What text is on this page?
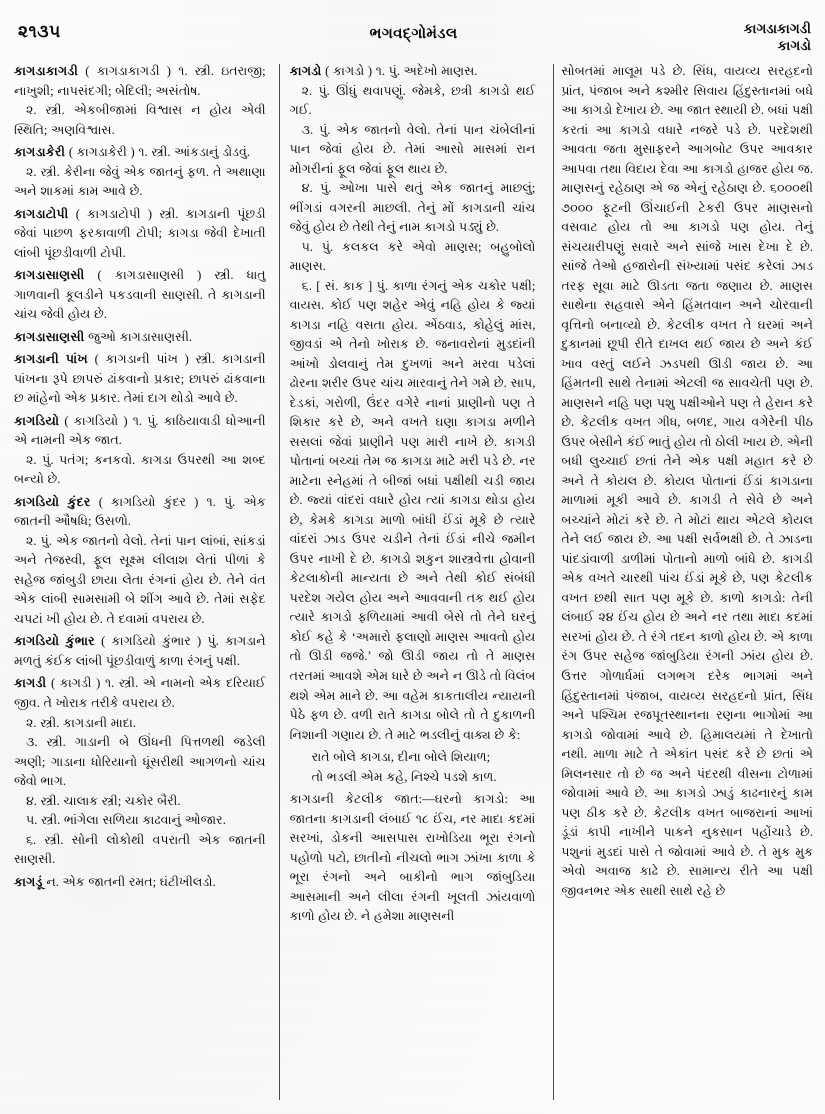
૨૧૩૫	ભગવદ્ગોમંડલ	કાગડાકાગડી
કાગડો

કાગડાકાગડી ( કાગડાકાગડી ) ૧. સ્ત્રી. ઇતરાજી; નાખુશી; નાપસંદગી; બેદિલી; અસંતોષ.

૨. સ્ત્રી. એકબીજામાં વિશ્વાસ ન હોય એવી સ્થિતિ; અણવિશ્વાસ.

કાગડાકેરી ( કાગડાકેરી ) ૧. સ્ત્રી. આંકડાનું ડોડવું.

૨. સ્ત્રી. કેરીના જેવું એક જાતનું ફળ. તે અથાણા અને શાકમાં કામ આવે છે.

કાગડાટોપી ( કાગડાટોપી ) સ્ત્રી. કાગડાની પૂંછડી જેવાં પાછળ ફરકાવાળી ટોપી; કાગડા જેવી દેખાતી લાંબી પૂંછડીવાળી ટોપી.

કાગડાસાણસી ( કાગડાસાણસી ) સ્ત્રી. ધાતુ ગાળવાની કૂલડીને પકડવાની સાણસી. તે કાગડાની ચાંચ જેવી હોય છે.

કાગડાસાણસી જુઓ કાગડાસાણસી.

કાગડાની પાંખ ( કાગડાની પાંખ ) સ્ત્રી. કાગડાની પાંખના રૂપે છાપરું ઢાંકવાનો પ્રકાર; છાપરું ઢાંકવાના છ માંહેનો એક પ્રકાર. તેમાં દાગ થોડો આવે છે.

કાગડિયો ( કાગડિયો ) ૧. પું. કાઠિયાવાડી ધોઆની એ નામની એક જાત.

૨. પું. પતંગ; કનકવો. કાગડા ઉપરથી આ શબ્દ બન્યો છે.

કાગડિયો કુંદર ( કાગડિયો કુંદર ) ૧. પું. એક જાતની ઔષધિ; ઉસળો.

૨. પું. એક જાતનો વેલો. તેનાં પાન લાંબાં, સાંકડાં અને તેજસ્વી, ફૂલ સૂક્ષ્મ લીલાશ લેતાં પીળાં કે સહેજ જાંબુડી છાયા લેતા રંગનાં હોય છે. તેને વંત એક લાંબી સામસામી બે શીંગ આવે છે. તેમાં સફેદ ચપટાં ખી હોય છે. તે દવામાં વપરાય છે.

કાગડિયો કુંભાર ( કાગડિયો કુંભાર ) પું. કાગડાને મળતું કંઈક લાંબી પૂંછડીવાળું કાળા રંગનું પક્ષી.

કાગડી ( કાગડી ) ૧. સ્ત્રી. એ નામનો એક દરિયાઈ જીવ. તે ખોરાક તરીકે વપરાય છે.

૨. સ્ત્રી. કાગડાની માદા.

૩. સ્ત્રી. ગાડાની બે ઊંધની પિત્તળથી જડેલી અણી; ગાડાના ધોરિયાનો ધૂંસરીથી આગળનો ચાંચ જેવો ભાગ.

૪. સ્ત્રી. ચાલાક સ્ત્રી; ચકોર બૈરી.

૫. સ્ત્રી. ભાંગેલા સળિયા કાઢવાનું ઓજાર.

૬. સ્ત્રી. સોની લોકોથી વપરાતી એક જાતની સાણસી.

કાગડૂં ન. એક જાતની રમત; ઘંટીખીલડો.

કાગડો ( કાગડો ) ૧. પું. અદેખો માણસ.

૨. પું. ઊંધું થવાપણું. જેમકે, છત્રી કાગડો થઈ ગઈ.

૩. પું. એક જાતનો વેલો. તેનાં પાન ચંબેલીનાં પાન જેવાં હોય છે. તેમાં આસો માસમાં રાન મોગરીનાં ફૂલ જેવાં ફૂલ થાય છે.

૪. પું. ઓખા પાસે થતું એક જાતનું માછલું; ભીંગડાં વગરની માછલી. તેનું મોં કાગડાની ચાંચ જેવું હોય છે તેથી તેનું નામ કાગડો પડ્યું છે.

૫. પું. કલકલ કરે એવો માણસ; બહુબોલો માણસ.

૬. [ સં. કાક ] પું. કાળા રંગનું એક ચકોર પક્ષી; વાયસ. કોઈ પણ શહેર એવું નહિ હોય કે જ્યાં કાગડા નહિ વસતા હોય. એંઠવાડ, કોહેલું માંસ, જીવડાં એ તેનો ખોરાક છે. જનાવરોનાં મુડદાંની આંખો ડોલવાનું તેમ દુખળાં અને મરવા પડેલાં ઢોરના શરીર ઉપર ચાંચ મારવાનું તેને ગમે છે. સાપ, દેડકાં, ગરોળી, ઉંદર વગેરે નાનાં પ્રાણીનો પણ તે શિકાર કરે છે, અને વખતે ઘણા કાગડા મળીને સસલાં જેવાં પ્રાણીને પણ મારી નાખે છે. કાગડી પોતાનાં બચ્ચાં તેમ જ કાગડા માટે મરી પડે છે. નર માટેના સ્નેહમાં તે બીજાં બધાં પક્ષીથી ચડી જાય છે. જ્યાં વાંદરાં વધારે હોય ત્યાં કાગડા થોડા હોય છે, કેમકે કાગડા માળો બાંધી ઈંડાં મૂકે છે ત્યારે વાંદરાં ઝાડ ઉપર ચડીને તેનાં ઈંડાં નીચે જમીન ઉપર નાખી દે છે. કાગડો શકુન શાસ્ત્રવેત્તા હોવાની કેટલાકોની માન્યતા છે અને તેથી કોઈ સંબંધી પરદેશ ગયેલ હોય અને આવવાની તક થઈ હોય ત્યારે કાગડો ફળિયામાં આવી બેસે તો તેને ઘરનું કોઈ કહે કે ‘અમારો ફલાણો માણસ આવતો હોય તો ઊડી જજે.’ જો ઊડી જાય તો તે માણસ તરતમાં આવશે એમ ધારે છે અને ન ઊડે તો વિલંબ થશે એમ માને છે. આ વહેમ કાકતાલીય ન્યાયની પેઠે ફળ છે. વળી રાતે કાગડા બોલે તો તે દુકાળની નિશાની ગણાય છે. તે માટે ભડલીનું વાક્ય છે કે:

રાતે બોલે કાગડા, દીના બોલે શિયાળ;
તો ભડલી એમ કહે, નિશ્ચે પડશે કાળ.

કાગડાની કેટલીક જાત:—ઘરનો કાગડો: આ જાતના કાગડાની લંબાઈ ૧૮ ઈંચ, નર માદા કદમાં સરખાં, ડોકની આસપાસ રાખોડિયા ભૂરા રંગનો પહોળો પટો, છાતીનો નીચલો ભાગ ઝાંખા કાળા કે ભૂરા રંગનો અને બાકીનો ભાગ જાંબુડિયા આસમાની અને લીલા રંગની ખૂલતી ઝાંયવાળો કાળો હોય છે. ને હમેશા માણસની

સોબતમાં માલૂમ પડે છે. સિંધ, વાયવ્ય સરહદનો પ્રાંત, પંજાબ અને કશ્મીર સિવાય હિંદુસ્તાનમાં બધે આ કાગડો દેખાય છે. આ જાત સ્થાયી છે. બધાં પક્ષી કરતાં આ કાગડો વધારે નજરે પડે છે. પરદેશથી આવતા જતા મુસાફરને આગબોટ ઉપર આવકાર આપવા તથા વિદાય દેવા આ કાગડો હાજર હોય જ. માણસનું રહેઠાણ એ જ એનું રહેઠાણ છે. ૬૦૦૦થી ૭૦૦૦ ફૂટની ઊંચાઈની ટેકરી ઉપર માણસનો વસવાટ હોય તો આ કાગડો પણ હોય. તેનું સંચયારીપણું સવારે અને સાંજે ખાસ દેખા દે છે. સાંજે તેઓ હજારોની સંખ્યામાં પસંદ કરેલાં ઝાડ તરફ સૂવા માટે ઊડતા જતા જણાય છે. માણસ સાથેના સહવાસે એને હિંમતવાન અને ચોરવાની વૃત્તિનો બનાવ્યો છે. કેટલીક વખત તે ઘરમાં અને દુકાનમાં છૂપી રીતે દાખલ થઈ જાય છે અને કંઈ ખાવ વસ્તું લઈને ઝડપથી ઊડી જાય છે. આ હિંમતની સાથે તેનામાં એટલી જ સાવચેતી પણ છે. માણસને નહિ પણ પશુ પક્ષીઓને પણ તે હેરાન કરે છે. કેટલીક વખત ગીધ, બળદ, ગાય વગેરેની પીઠ ઉપર બેસીને કંઈ ભાતું હોય તો ઠોલી ખાય છે. એની બધી લુચ્ચાઈ છતાં તેને એક પક્ષી મહાત કરે છે અને તે કોયલ છે. કોયલ પોતાનાં ઈંડાં કાગડાના માળામાં મૂકી આવે છે. કાગડી તે સેવે છે અને બચ્ચાંને મોટાં કરે છે. તે મોટાં થાય એટલે કોયલ તેને લઈ જાય છે. આ પક્ષી સર્વભક્ષી છે. તે ઝાડના પાંદડાંવાળી ડાળીમાં પોતાનો માળો બાંધે છે. કાગડી એક વખતે ચારથી પાંચ ઈંડાં મૂકે છે, પણ કેટલીક વખત છથી સાત પણ મૂકે છે. કાળો કાગડો: તેની લંબાઈ ૨૪ ઈંચ હોય છે અને નર તથા માદા કદમાં સરખાં હોય છે. તે રંગે તદન કાળો હોય છે. એ કાળા રંગ ઉપર સહેજ જાંબુડિયા રંગની ઝાંય હોય છે. ઉત્તર ગોળાર્ધમાં લગભગ દરેક ભાગમાં અને હિંદુસ્તાનમાં પંજાબ, વાયવ્ય સરહદનો પ્રાંત, સિંધ અને પશ્ચિમ રજપૂતસ્થાનના રણના ભાગોમાં આ કાગડો જોવામાં આવે છે. હિમાલયમાં તે દેખાતો નથી. માળા માટે તે એકાંત પસંદ કરે છે છતાં એ મિલનસાર તો છે જ અને પંદરથી વીસના ટોળામાં જોવામાં આવે છે. આ કાગડો ઝાડું કાઢનારનું કામ પણ ઠીક કરે છે. કેટલીક વખત બાજરાનાં આખાં ડૂંડાં કાપી નાખીને પાકને નુકસાન પહોંચાડે છે. પશુનાં મુડદાં પાસે તે જોવામાં આવે છે. તે મુક મુક એવો અવાજ કાઢે છે. સામાન્ય રીતે આ પક્ષી જીવનભર એક સાથી સાથે રહે છે
